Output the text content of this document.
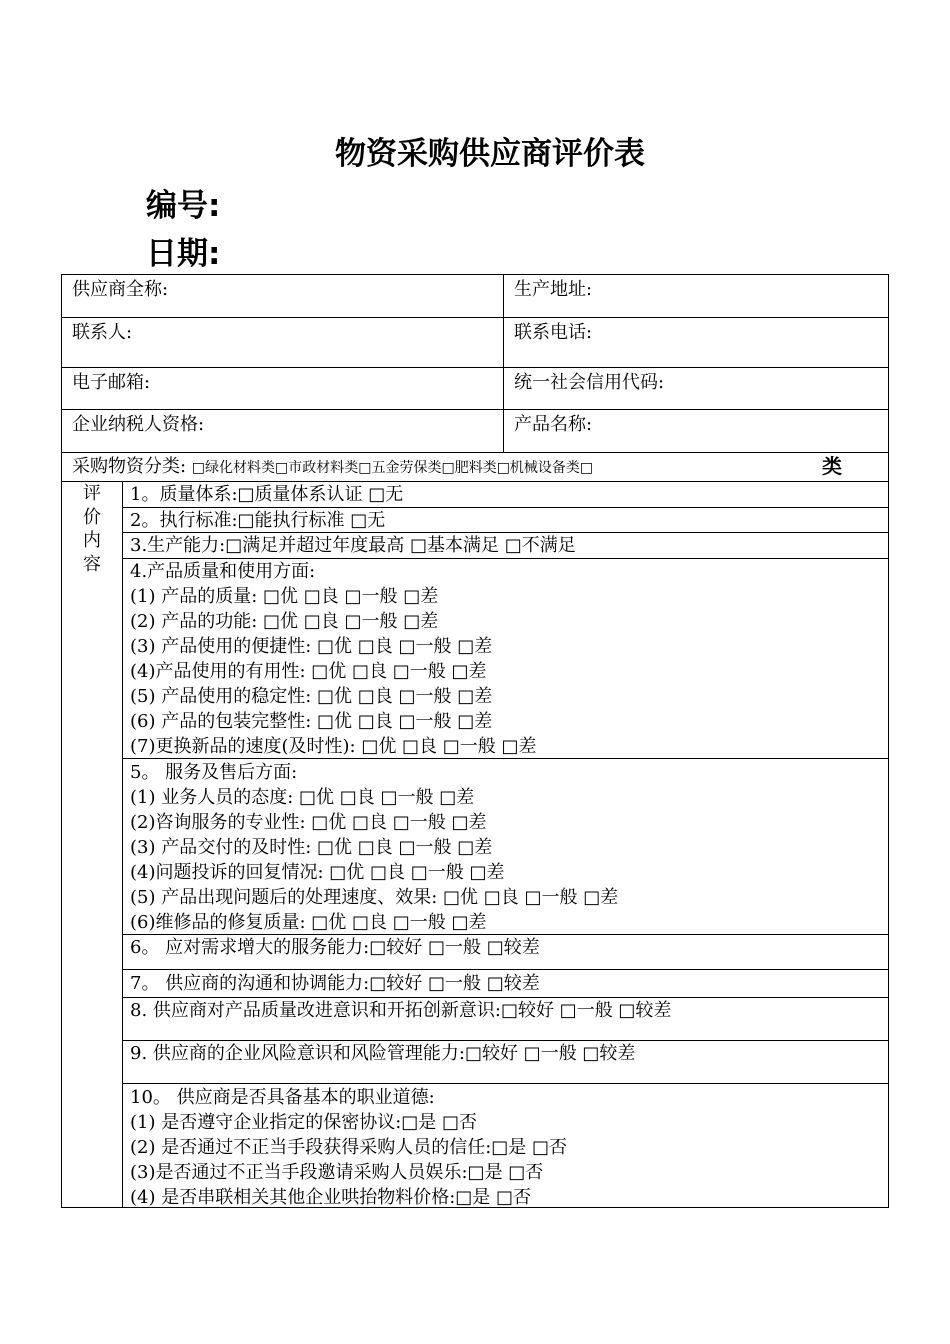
物资采购供应商评价表
编号:
日期:
供应商全称:	生产地址:
联系人:	联系电话:
电子邮箱:	统一社会信用代码:
企业纳税人资格:	产品名称:
采购物资分类: □绿化材料类□市政材料类□五金劳保类□肥料类□机械设备类□	类
评
价
内
容
1。质量体系:□质量体系认证 □无
2。执行标准:□能执行标准 □无
3.生产能力:□满足并超过年度最高 □基本满足 □不满足
4.产品质量和使用方面:
(1) 产品的质量: □优 □良 □一般 □差
(2) 产品的功能: □优 □良 □一般 □差
(3) 产品使用的便捷性: □优 □良 □一般 □差
(4)产品使用的有用性: □优 □良 □一般 □差
(5) 产品使用的稳定性: □优 □良 □一般 □差
(6) 产品的包装完整性: □优 □良 □一般 □差
(7)更换新品的速度(及时性): □优 □良 □一般 □差
5。 服务及售后方面:
(1) 业务人员的态度: □优 □良 □一般 □差
(2)咨询服务的专业性: □优 □良 □一般 □差
(3) 产品交付的及时性: □优 □良 □一般 □差
(4)问题投诉的回复情况: □优 □良 □一般 □差
(5) 产品出现问题后的处理速度、效果: □优 □良 □一般 □差
(6)维修品的修复质量: □优 □良 □一般 □差
6。 应对需求增大的服务能力:□较好 □一般 □较差
7。 供应商的沟通和协调能力:□较好 □一般 □较差
8. 供应商对产品质量改进意识和开拓创新意识:□较好 □一般 □较差
9. 供应商的企业风险意识和风险管理能力:□较好 □一般 □较差
10。 供应商是否具备基本的职业道德:
(1) 是否遵守企业指定的保密协议:□是 □否
(2) 是否通过不正当手段获得采购人员的信任:□是 □否
(3)是否通过不正当手段邀请采购人员娱乐:□是 □否
(4) 是否串联相关其他企业哄抬物料价格:□是 □否
